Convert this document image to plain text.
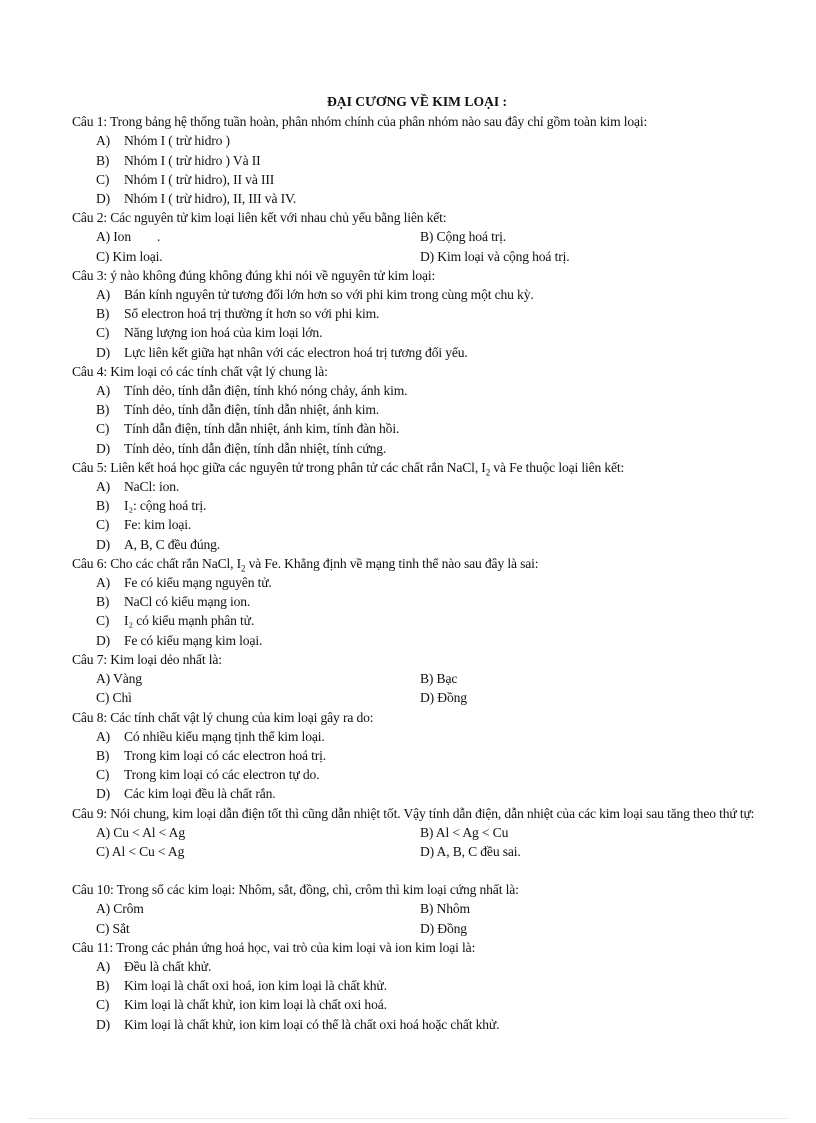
ĐẠI CƯƠNG VỀ KIM LOẠI :

Câu 1: Trong bảng hệ thống tuần hoàn, phân nhóm chính của phân nhóm nào sau đây chỉ gồm toàn kim loại:

A) Nhóm I ( trừ hidro )
B) Nhóm I ( trừ hidro ) Và II
C) Nhóm I ( trừ hidro), II và III
D) Nhóm I ( trừ hidro), II, III và IV.

Câu 2: Các nguyên tử kim loại liên kết với nhau chủ yếu bằng liên kết:

A) Ion        .	B) Cộng hoá trị.
C) Kim loại.	D) Kim loại và cộng hoá trị.

Câu 3: ý nào không đúng không đúng khi nói về nguyên tử kim loại:

A) Bán kính nguyên tử tương đối lớn hơn so với phi kim trong cùng một chu kỳ.
B) Số electron hoá trị thường ít hơn so với phi kim.
C) Năng lượng ion hoá của kim loại lớn.
D) Lực liên kết giữa hạt nhân với các electron hoá trị tương đối yếu.

Câu 4: Kim loại có các tính chất vật lý chung là:

A) Tính dẻo, tính dẫn điện, tính khó nóng chảy, ánh kim.
B) Tính dẻo, tính dẫn điện, tính dẫn nhiệt, ánh kim.
C) Tính dẫn điện, tính dẫn nhiệt, ánh kim, tính đàn hồi.
D) Tính dẻo, tính dẫn điện, tính dẫn nhiệt, tính cứng.

Câu 5: Liên kết hoá học giữa các nguyên tử trong phân tử các chất rắn NaCl, $I_2$ và Fe thuộc loại liên kết:

A) NaCl: ion.
B) I₂: cộng hoá trị.
C) Fe: kim loại.
D) A, B, C đều đúng.

Câu 6: Cho các chất rắn NaCl, $I_2$ và Fe. Khẳng định về mạng tinh thể nào sau đây là sai:

A) Fe có kiểu mạng nguyên tử.
B) NaCl có kiểu mạng ion.
C) I₂ có kiểu mạnh phân tử.
D) Fe có kiểu mạng kim loại.

Câu 7: Kim loại dẻo nhất là:

A) Vàng	B) Bạc
C) Chì	D) Đồng

Câu 8: Các tính chất vật lý chung của kim loại gây ra do:

A) Có nhiều kiểu mạng tịnh thể kim loại.
B) Trong kim loại có các electron hoá trị.
C) Trong kim loại có các electron tự do.
D) Các kim loại đều là chất rắn.

Câu 9: Nói chung, kim loại dẫn điện tốt thì cũng dẫn nhiệt tốt. Vậy tính dẫn điện, dẫn nhiệt của các kim loại sau tăng theo thứ tự:

A) Cu < Al < Ag	B) Al < Ag < Cu
C) Al < Cu < Ag	D) A, B, C đều sai.

Câu 10: Trong số các kim loại: Nhôm, sắt, đồng, chì, crôm thì kim loại cứng nhất là:

A) Crôm	B) Nhôm
C) Sắt	D) Đồng

Câu 11: Trong các phản ứng hoá học, vai trò của kim loại và ion kim loại là:

A) Đều là chất khử.
B) Kim loại là chất oxi hoá, ion kim loại là chất khử.
C) Kim loại là chất khử, ion kim loại là chất oxi hoá.
D) Kim loại là chất khử, ion kim loại có thể là chất oxi hoá hoặc chất khử.
